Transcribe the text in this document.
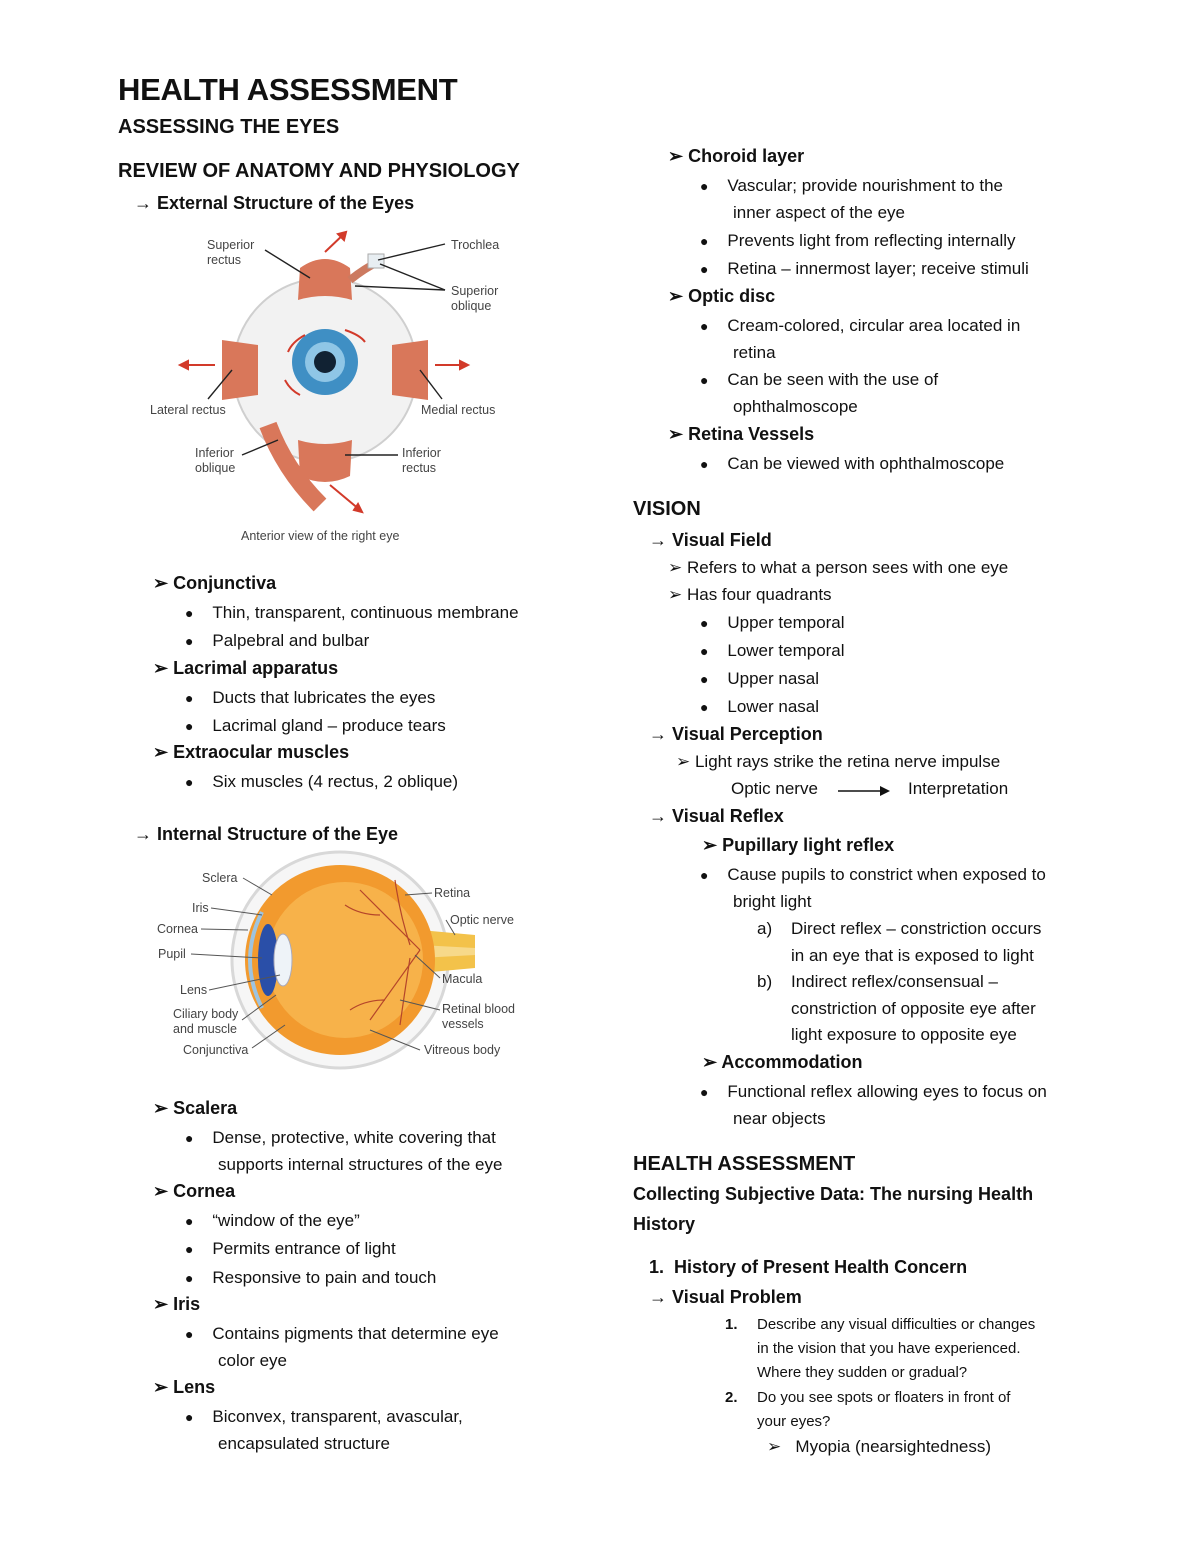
HEALTH ASSESSMENT
ASSESSING THE EYES
REVIEW OF ANATOMY AND PHYSIOLOGY
→ External Structure of the Eyes
Superior
rectus
Trochlea
Superior
oblique
Lateral rectus	Medial rectus
Inferior
oblique
Inferior
rectus
Anterior view of the right eye
➢ Conjunctiva
● Thin, transparent, continuous membrane
● Palpebral and bulbar
➢ Lacrimal apparatus
● Ducts that lubricates the eyes
● Lacrimal gland – produce tears
➢ Extraocular muscles
● Six muscles (4 rectus, 2 oblique)
→ Internal Structure of the Eye
Sclera
Iris
Cornea
Pupil
Lens
Ciliary body
and muscle
Conjunctiva
Retina
Optic nerve
Macula
Retinal blood
vessels
Vitreous body
➢ Scalera
● Dense, protective, white covering that
supports internal structures of the eye
➢ Cornea
● “window of the eye”
● Permits entrance of light
● Responsive to pain and touch
➢ Iris
● Contains pigments that determine eye
color eye
➢ Lens
● Biconvex, transparent, avascular,
encapsulated structure
➢ Choroid layer
● Vascular; provide nourishment to the
inner aspect of the eye
● Prevents light from reflecting internally
● Retina – innermost layer; receive stimuli
➢ Optic disc
● Cream-colored, circular area located in
retina
● Can be seen with the use of
ophthalmoscope
➢ Retina Vessels
● Can be viewed with ophthalmoscope
VISION
→ Visual Field
➢ Refers to what a person sees with one eye
➢ Has four quadrants
● Upper temporal
● Lower temporal
● Upper nasal
● Lower nasal
→ Visual Perception
➢ Light rays strike the retina nerve impulse
Optic nerve	Interpretation
→ Visual Reflex
➢ Pupillary light reflex
● Cause pupils to constrict when exposed to
bright light
a) Direct reflex – constriction occurs
in an eye that is exposed to light
b) Indirect reflex/consensual –
constriction of opposite eye after
light exposure to opposite eye
➢ Accommodation
● Functional reflex allowing eyes to focus on
near objects
HEALTH ASSESSMENT
Collecting Subjective Data: The nursing Health
History
1. History of Present Health Concern
→ Visual Problem
1. Describe any visual difficulties or changes
in the vision that you have experienced.
Where they sudden or gradual?
2. Do you see spots or floaters in front of
your eyes?
➢   Myopia (nearsightedness)
